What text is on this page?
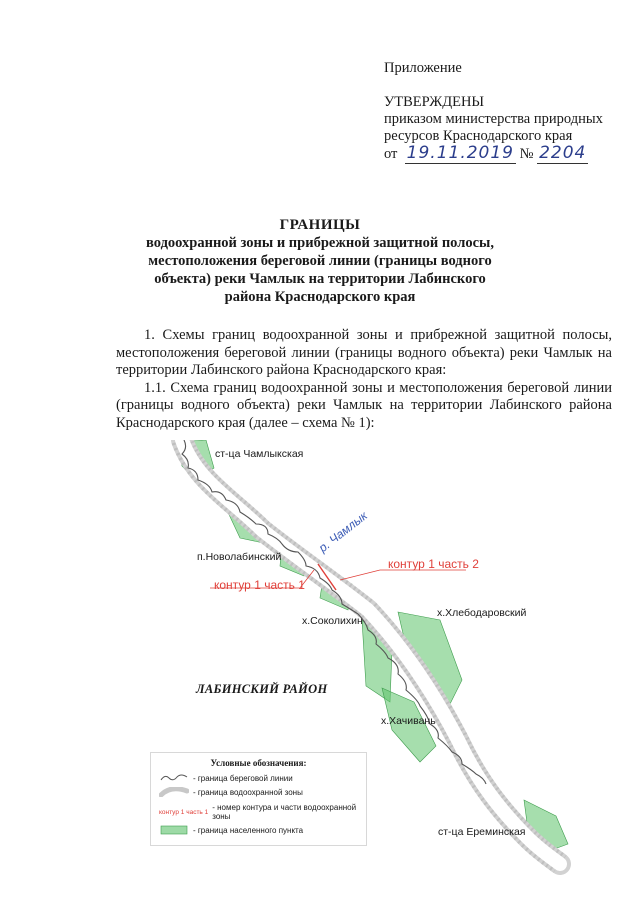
Приложение
УТВЕРЖДЕНЫ
приказом министерства природных
ресурсов Краснодарского края
от 19.11.2019 № 2204
ГРАНИЦЫ
водоохранной зоны и прибрежной защитной полосы,
местоположения береговой линии (границы водного
объекта) реки Чамлык на территории Лабинского
района Краснодарского края

1. Схемы границ водоохранной зоны и прибрежной защитной полосы, местоположения береговой линии (границы водного объекта) реки Чамлык на территории Лабинского района Краснодарского края:

1.1. Схема границ водоохранной зоны и местоположения береговой линии (границы водного объекта) реки Чамлык на территории Лабинского района Краснодарского края (далее – схема № 1):

ст-ца Чамлыкская
р. Чамлык
п.Новолабинский	контур 1 часть 2
контур 1 часть 1
х.Соколихин
х.Хлебодаровский
ЛАБИНСКИЙ РАЙОН
х.Хачивань
ст-ца Ереминская
Условные обозначения:
- граница береговой линии
- граница водоохранной зоны
контур 1 часть 1 - номер контура и части водоохранной зоны
- граница населенного пункта
